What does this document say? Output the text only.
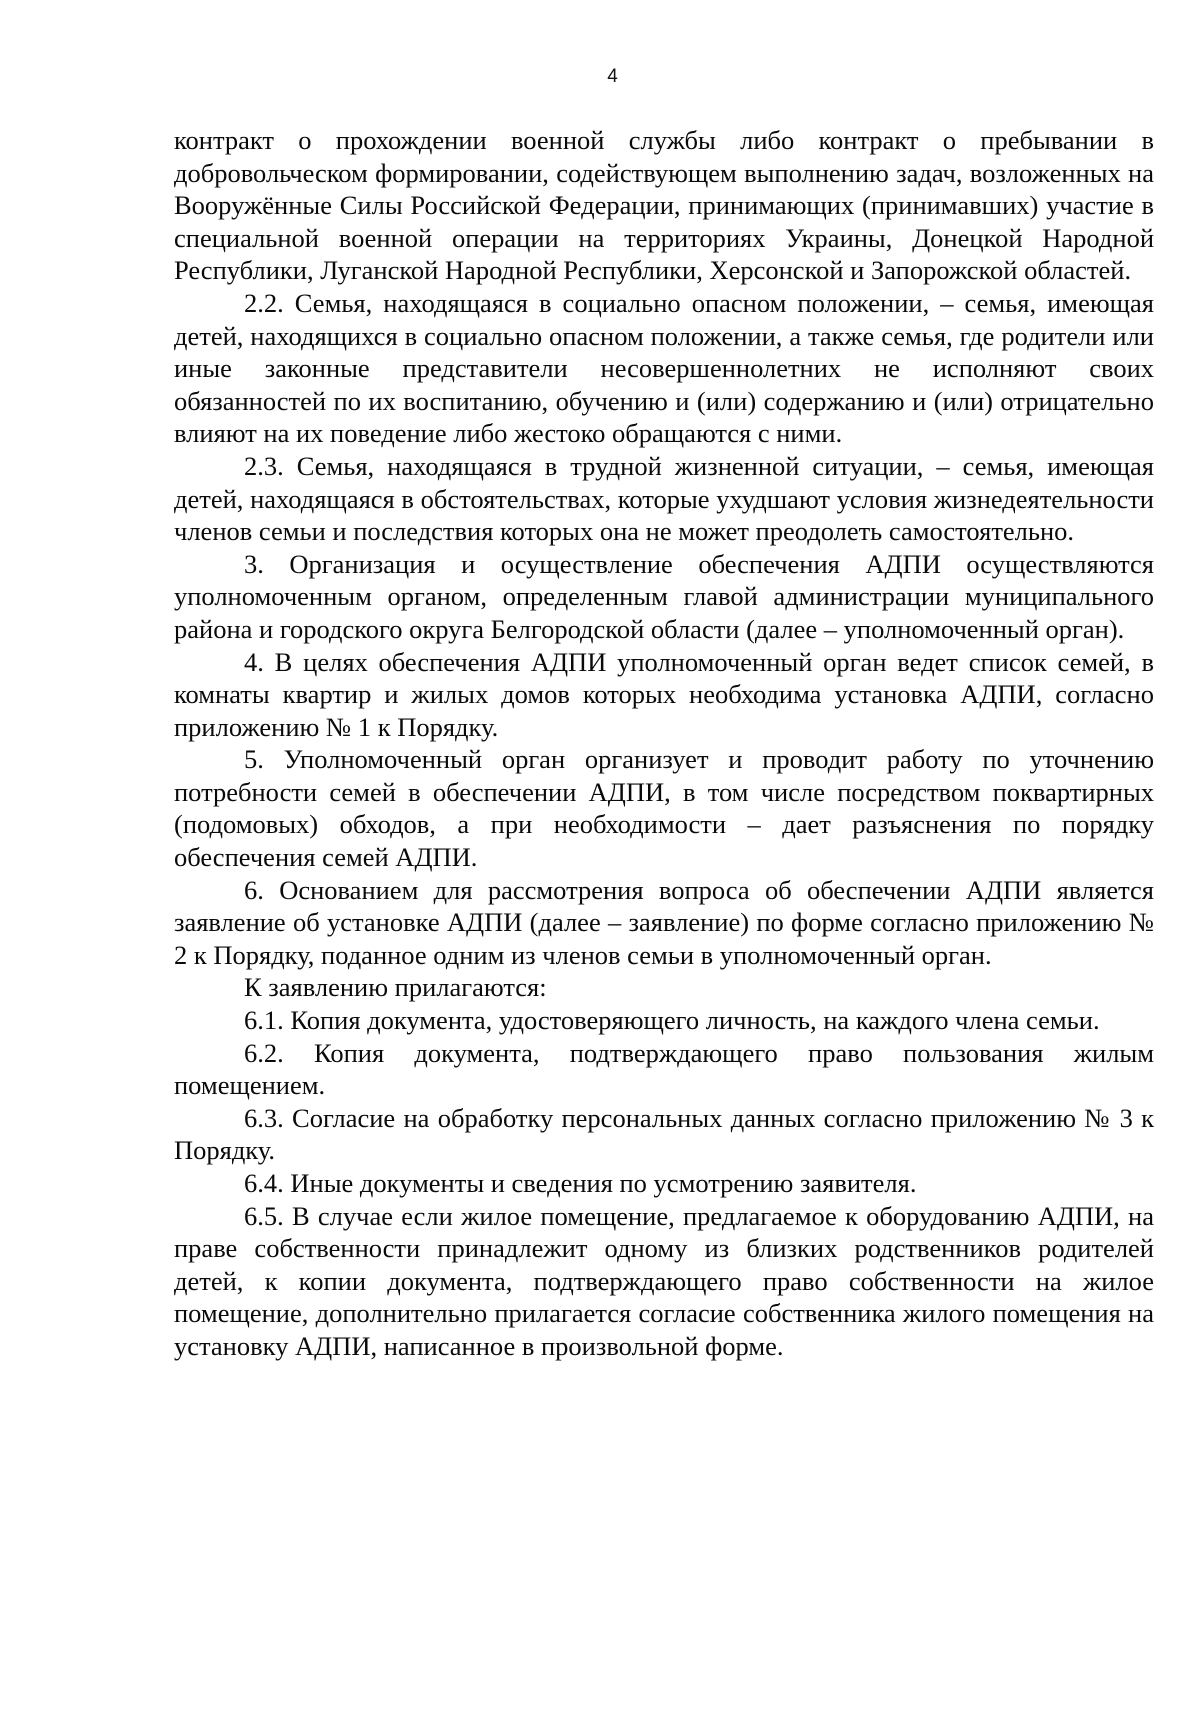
4

контракт о прохождении военной службы либо контракт о пребывании в добровольческом формировании, содействующем выполнению задач, возложенных на Вооружённые Силы Российской Федерации, принимающих (принимавших) участие в специальной военной операции на территориях Украины, Донецкой Народной Республики, Луганской Народной Республики, Херсонской и Запорожской областей.

2.2. Семья, находящаяся в социально опасном положении, – семья, имеющая детей, находящихся в социально опасном положении, а также семья, где родители или иные законные представители несовершеннолетних не исполняют своих обязанностей по их воспитанию, обучению и (или) содержанию и (или) отрицательно влияют на их поведение либо жестоко обращаются с ними.

2.3. Семья, находящаяся в трудной жизненной ситуации, – семья, имеющая детей, находящаяся в обстоятельствах, которые ухудшают условия жизнедеятельности членов семьи и последствия которых она не может преодолеть самостоятельно.

3. Организация и осуществление обеспечения АДПИ осуществляются уполномоченным органом, определенным главой администрации муниципального района и городского округа Белгородской области (далее – уполномоченный орган).

4. В целях обеспечения АДПИ уполномоченный орган ведет список семей, в комнаты квартир и жилых домов которых необходима установка АДПИ, согласно приложению № 1 к Порядку.

5. Уполномоченный орган организует и проводит работу по уточнению потребности семей в обеспечении АДПИ, в том числе посредством поквартирных (подомовых) обходов, а при необходимости – дает разъяснения по порядку обеспечения семей АДПИ.

6. Основанием для рассмотрения вопроса об обеспечении АДПИ является заявление об установке АДПИ (далее – заявление) по форме согласно приложению № 2 к Порядку, поданное одним из членов семьи в уполномоченный орган.

К заявлению прилагаются:

6.1. Копия документа, удостоверяющего личность, на каждого члена семьи.

6.2. Копия документа, подтверждающего право пользования жилым помещением.

6.3. Согласие на обработку персональных данных согласно приложению № 3 к Порядку.

6.4. Иные документы и сведения по усмотрению заявителя.

6.5. В случае если жилое помещение, предлагаемое к оборудованию АДПИ, на праве собственности принадлежит одному из близких родственников родителей детей, к копии документа, подтверждающего право собственности на жилое помещение, дополнительно прилагается согласие собственника жилого помещения на установку АДПИ, написанное в произвольной форме.
